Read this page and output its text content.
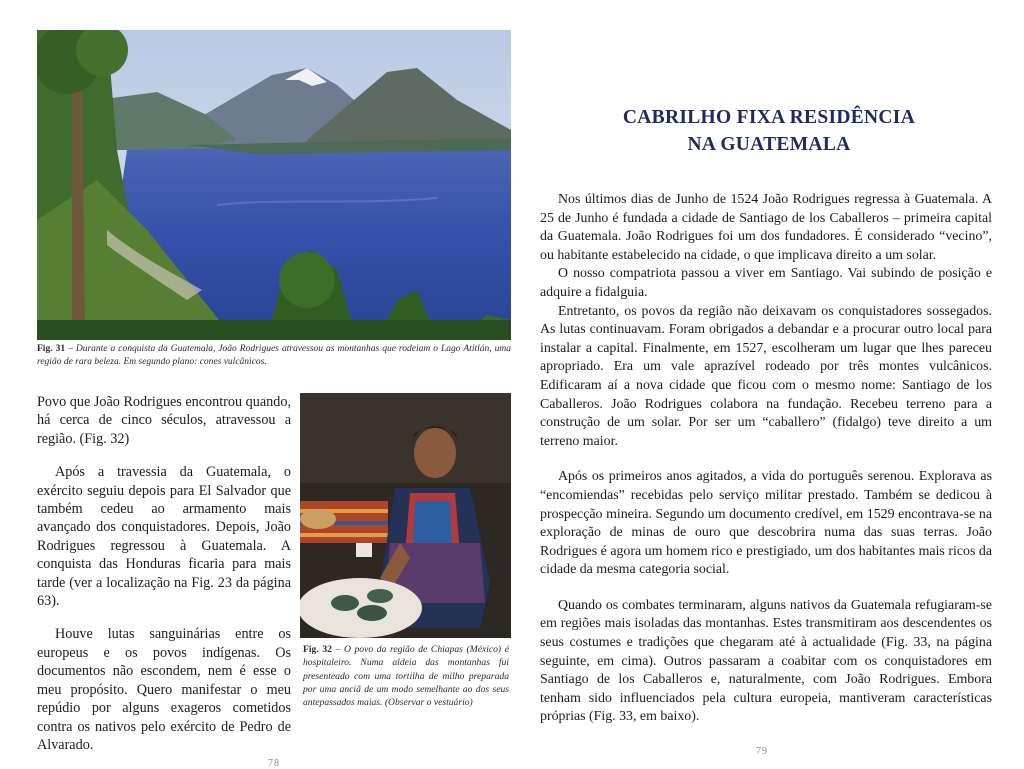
Fig. 31 – Durante a conquista da Guatemala, João Rodrigues atravessou as montanhas que rodeiam o Lago Atitlán, uma região de rara beleza. Em segundo plano: cones vulcânicos.

Povo que João Rodrigues encontrou quando, há cerca de cinco séculos, atravessou a região. (Fig. 32)

Após a travessia da Guatemala, o exército seguiu depois para El Salvador que também cedeu ao armamento mais avançado dos conquistadores. Depois, João Rodrigues regressou à Guatemala. A conquista das Honduras ficaria para mais tarde (ver a localização na Fig. 23 da página 63).

Houve lutas sanguinárias entre os europeus e os povos indígenas. Os documentos não escondem, nem é esse o meu propósito. Quero manifestar o meu repúdio por alguns exageros cometidos contra os nativos pelo exército de Pedro de Alvarado.

Fig. 32 – O povo da região de Chiapas (México) é hospitaleiro. Numa aldeia das montanhas fui presenteado com uma tortilha de milho preparada por uma anciã de um modo semelhante ao dos seus antepassados maias. (Observar o vestuário)
78
CABRILHO FIXA RESIDÊNCIA
NA GUATEMALA

Nos últimos dias de Junho de 1524 João Rodrigues regressa à Guatemala. A 25 de Junho é fundada a cidade de Santiago de los Caballeros – primeira capital da Guatemala. João Rodrigues foi um dos fundadores. É considerado “vecino”, ou habitante estabelecido na cidade, o que implicava direito a um solar.

O nosso compatriota passou a viver em Santiago. Vai subindo de posição e adquire a fidalguia.

Entretanto, os povos da região não deixavam os conquistadores sossegados. As lutas continuavam. Foram obrigados a debandar e a procurar outro local para instalar a capital. Finalmente, em 1527, escolheram um lugar que lhes pareceu apropriado. Era um vale aprazível rodeado por três montes vulcânicos. Edificaram aí a nova cidade que ficou com o mesmo nome: Santiago de los Caballeros. João Rodrigues colabora na fundação. Recebeu terreno para a construção de um solar. Por ser um “caballero” (fidalgo) teve direito a um terreno maior.

Após os primeiros anos agitados, a vida do português serenou. Explorava as “encomiendas” recebidas pelo serviço militar prestado. Também se dedicou à prospecção mineira. Segundo um documento credível, em 1529 encontrava-se na exploração de minas de ouro que descobrira numa das suas terras. João Rodrigues é agora um homem rico e prestigiado, um dos habitantes mais ricos da cidade da mesma categoria social.

Quando os combates terminaram, alguns nativos da Guatemala refugiaram-se em regiões mais isoladas das montanhas. Estes transmitiram aos descendentes os seus costumes e tradições que chegaram até à actualidade (Fig. 33, na página seguinte, em cima). Outros passaram a coabitar com os conquistadores em Santiago de los Caballeros e, naturalmente, com João Rodrigues. Embora tenham sido influenciados pela cultura europeia, mantiveram características próprias (Fig. 33, em baixo).

79
